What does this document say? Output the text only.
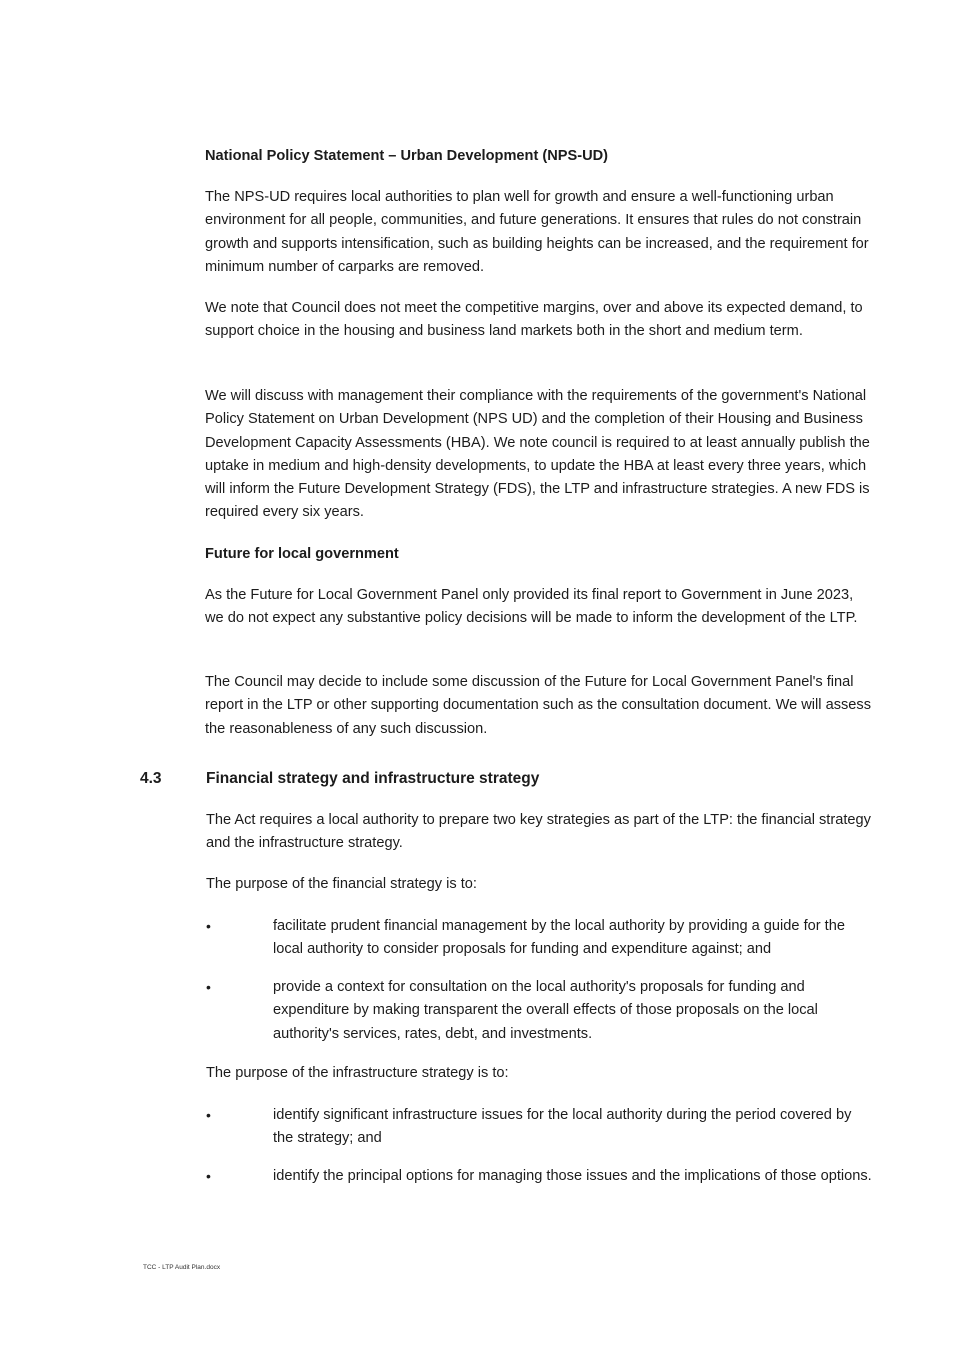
National Policy Statement – Urban Development (NPS-UD)

The NPS-UD requires local authorities to plan well for growth and ensure a well-functioning urban environment for all people, communities, and future generations. It ensures that rules do not constrain growth and supports intensification, such as building heights can be increased, and the requirement for minimum number of carparks are removed.

We note that Council does not meet the competitive margins, over and above its expected demand, to support choice in the housing and business land markets both in the short and medium term.

We will discuss with management their compliance with the requirements of the government's National Policy Statement on Urban Development (NPS UD) and the completion of their Housing and Business Development Capacity Assessments (HBA). We note council is required to at least annually publish the uptake in medium and high-density developments, to update the HBA at least every three years, which will inform the Future Development Strategy (FDS), the LTP and infrastructure strategies. A new FDS is required every six years.

Future for local government

As the Future for Local Government Panel only provided its final report to Government in June 2023, we do not expect any substantive policy decisions will be made to inform the development of the LTP.

The Council may decide to include some discussion of the Future for Local Government Panel's final report in the LTP or other supporting documentation such as the consultation document. We will assess the reasonableness of any such discussion.

4.3	Financial strategy and infrastructure strategy

The Act requires a local authority to prepare two key strategies as part of the LTP: the financial strategy and the infrastructure strategy.

The purpose of the financial strategy is to:

•	facilitate prudent financial management by the local authority by providing a guide for the local authority to consider proposals for funding and expenditure against; and

•	provide a context for consultation on the local authority's proposals for funding and expenditure by making transparent the overall effects of those proposals on the local authority's services, rates, debt, and investments.

The purpose of the infrastructure strategy is to:

•	identify significant infrastructure issues for the local authority during the period covered by the strategy; and

•	identify the principal options for managing those issues and the implications of those options.

TCC - LTP Audit Plan.docx
